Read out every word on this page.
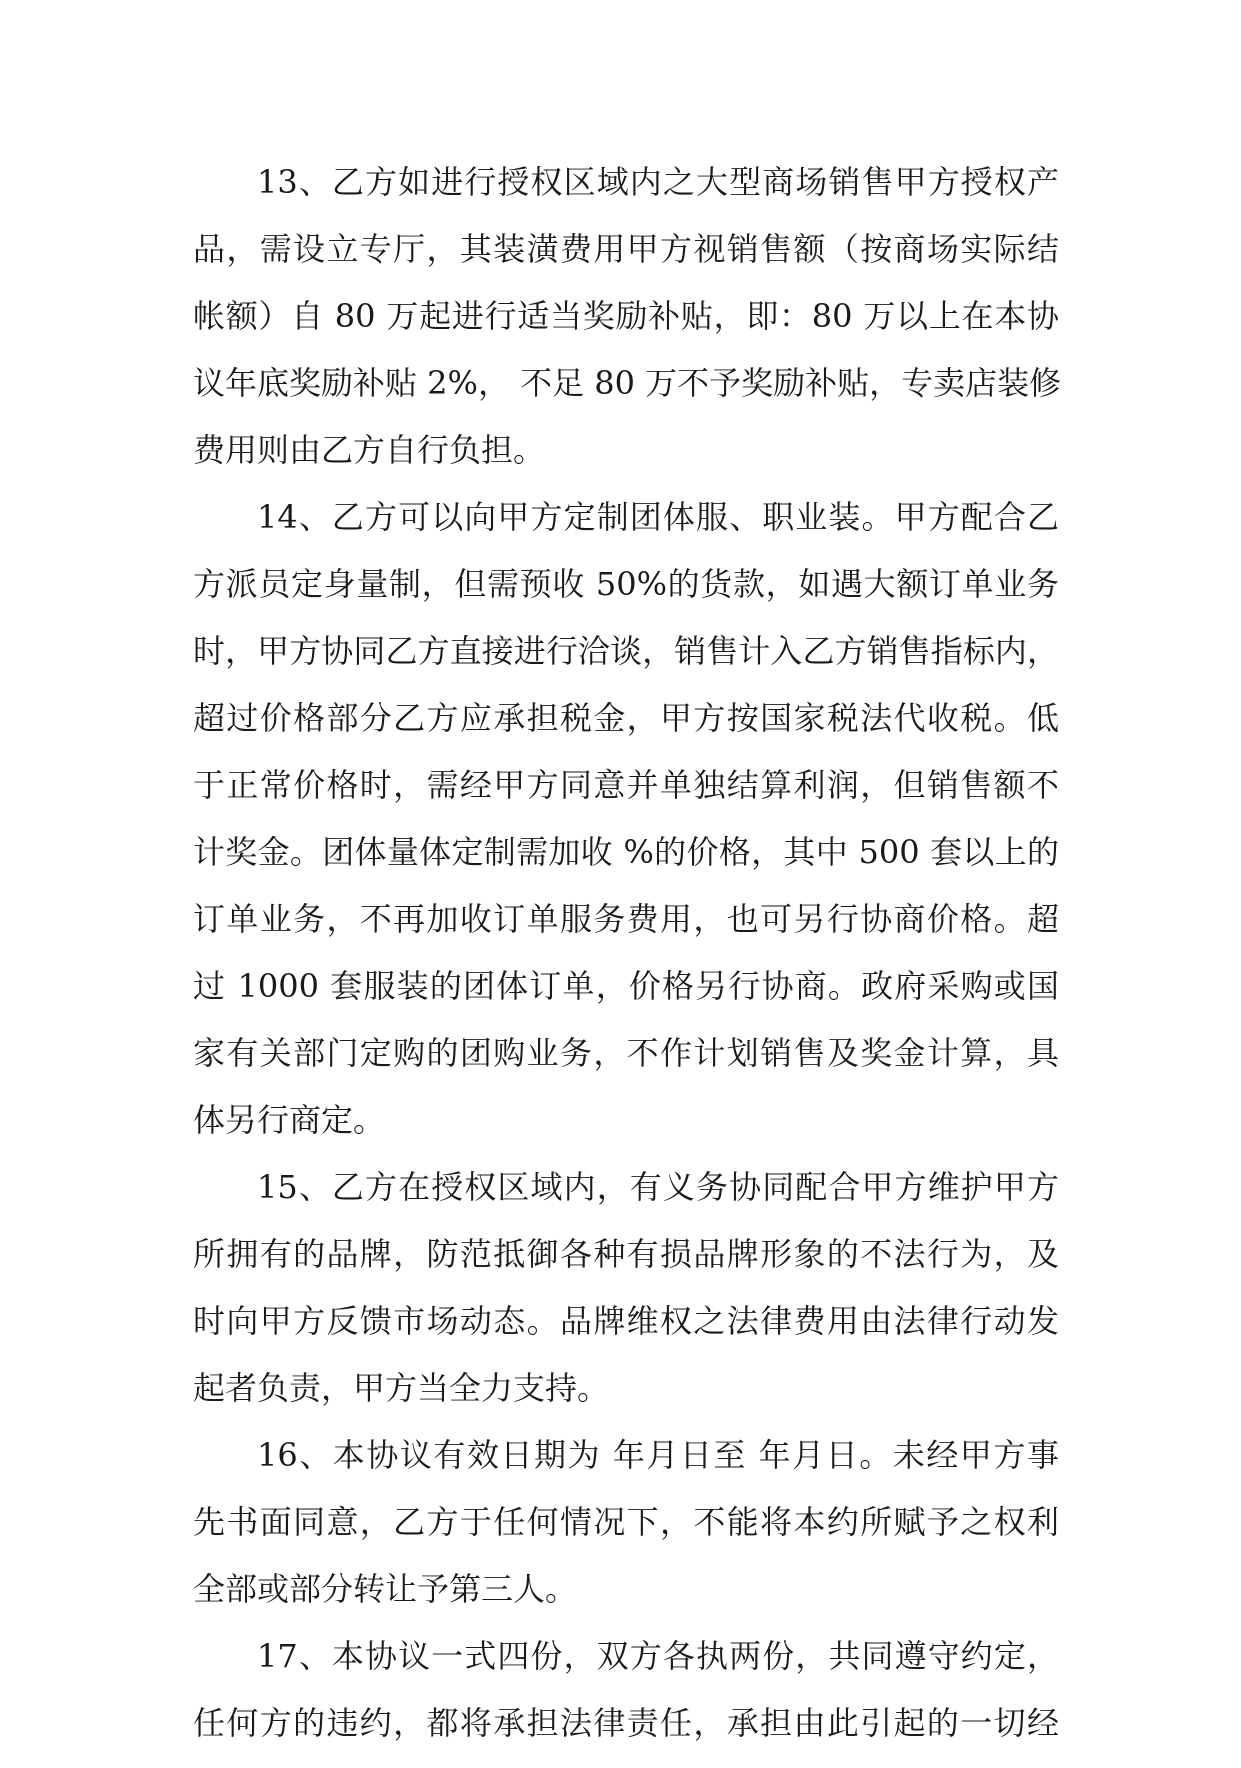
13、乙方如进行授权区域内之大型商场销售甲方授权产
品，需设立专厅，其装潢费用甲方视销售额（按商场实际结
帐额）自 80 万起进行适当奖励补贴，即：80 万以上在本协
议年底奖励补贴 2%， 不足 80 万不予奖励补贴，专卖店装修
费用则由乙方自行负担。
14、乙方可以向甲方定制团体服、职业装。甲方配合乙
方派员定身量制，但需预收 50%的货款，如遇大额订单业务
时，甲方协同乙方直接进行洽谈，销售计入乙方销售指标内，
超过价格部分乙方应承担税金，甲方按国家税法代收税。低
于正常价格时，需经甲方同意并单独结算利润，但销售额不
计奖金。团体量体定制需加收 %的价格，其中 500 套以上的
订单业务，不再加收订单服务费用，也可另行协商价格。超
过 1000 套服装的团体订单，价格另行协商。政府采购或国
家有关部门定购的团购业务，不作计划销售及奖金计算，具
体另行商定。
15、乙方在授权区域内，有义务协同配合甲方维护甲方
所拥有的品牌，防范抵御各种有损品牌形象的不法行为，及
时向甲方反馈市场动态。品牌维权之法律费用由法律行动发
起者负责，甲方当全力支持。
16、本协议有效日期为 年月日至 年月日。未经甲方事
先书面同意，乙方于任何情况下，不能将本约所赋予之权利
全部或部分转让予第三人。
17、本协议一式四份，双方各执两份，共同遵守约定，
任何方的违约，都将承担法律责任，承担由此引起的一切经
